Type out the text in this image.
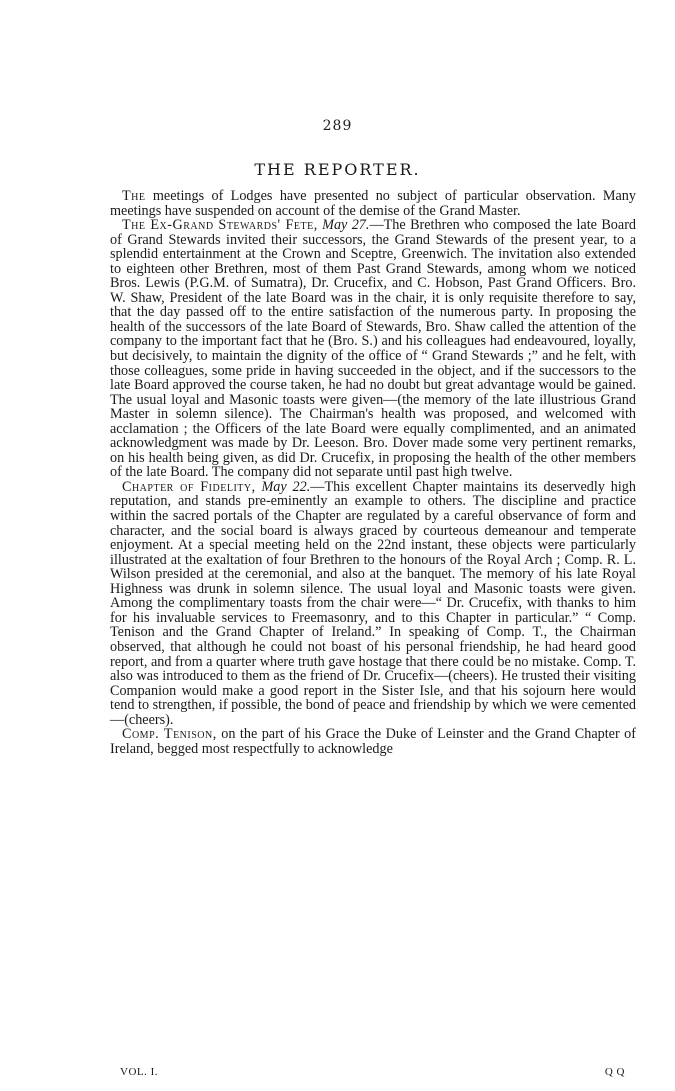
289
THE REPORTER.

The meetings of Lodges have presented no subject of particular observation. Many meetings have suspended on account of the demise of the Grand Master.

The Ex-Grand Stewards' Fete, May 27.—The Brethren who composed the late Board of Grand Stewards invited their successors, the Grand Stewards of the present year, to a splendid entertainment at the Crown and Sceptre, Greenwich. The invitation also extended to eighteen other Brethren, most of them Past Grand Stewards, among whom we noticed Bros. Lewis (P.G.M. of Sumatra), Dr. Crucefix, and C. Hobson, Past Grand Officers. Bro. W. Shaw, President of the late Board was in the chair, it is only requisite therefore to say, that the day passed off to the entire satisfaction of the numerous party. In proposing the health of the successors of the late Board of Stewards, Bro. Shaw called the attention of the company to the important fact that he (Bro. S.) and his colleagues had endeavoured, loyally, but decisively, to maintain the dignity of the office of “ Grand Stewards ;” and he felt, with those colleagues, some pride in having succeeded in the object, and if the successors to the late Board approved the course taken, he had no doubt but great advantage would be gained. The usual loyal and Masonic toasts were given—(the memory of the late illustrious Grand Master in solemn silence). The Chairman's health was proposed, and welcomed with acclamation ; the Officers of the late Board were equally complimented, and an animated acknowledgment was made by Dr. Leeson. Bro. Dover made some very pertinent remarks, on his health being given, as did Dr. Crucefix, in proposing the health of the other members of the late Board. The company did not separate until past high twelve.

Chapter of Fidelity, May 22.—This excellent Chapter maintains its deservedly high reputation, and stands pre-eminently an example to others. The discipline and practice within the sacred portals of the Chapter are regulated by a careful observance of form and character, and the social board is always graced by courteous demeanour and temperate enjoyment. At a special meeting held on the 22nd instant, these objects were particularly illustrated at the exaltation of four Brethren to the honours of the Royal Arch ; Comp. R. L. Wilson presided at the ceremonial, and also at the banquet. The memory of his late Royal Highness was drunk in solemn silence. The usual loyal and Masonic toasts were given. Among the complimentary toasts from the chair were—“ Dr. Crucefix, with thanks to him for his invaluable services to Freemasonry, and to this Chapter in particular.” “ Comp. Tenison and the Grand Chapter of Ireland.” In speaking of Comp. T., the Chairman observed, that although he could not boast of his personal friendship, he had heard good report, and from a quarter where truth gave hostage that there could be no mistake. Comp. T. also was introduced to them as the friend of Dr. Crucefix—(cheers). He trusted their visiting Companion would make a good report in the Sister Isle, and that his sojourn here would tend to strengthen, if possible, the bond of peace and friendship by which we were cemented—(cheers).

Comp. Tenison, on the part of his Grace the Duke of Leinster and the Grand Chapter of Ireland, begged most respectfully to acknowledge

VOL. I.	Q Q
